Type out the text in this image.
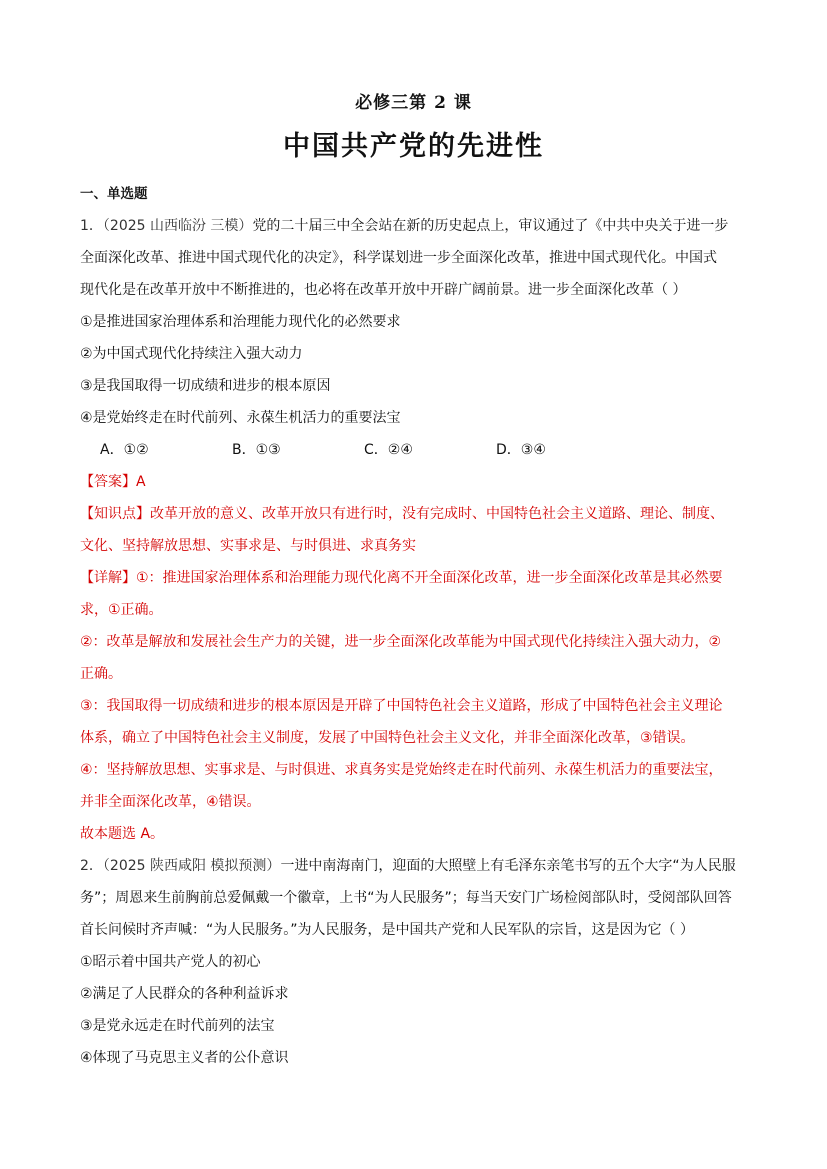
必修三第 2 课
中国共产党的先进性
一、单选题
1．（2025 山西临汾 三模）党的二十届三中全会站在新的历史起点上，审议通过了《中共中央关于进一步
全面深化改革、推进中国式现代化的决定》，科学谋划进一步全面深化改革，推进中国式现代化。中国式
现代化是在改革开放中不断推进的，也必将在改革开放中开辟广阔前景。进一步全面深化改革（ ）
①是推进国家治理体系和治理能力现代化的必然要求
②为中国式现代化持续注入强大动力
③是我国取得一切成绩和进步的根本原因
④是党始终走在时代前列、永葆生机活力的重要法宝
A．①②	B．①③	C．②④	D．③④
【答案】A
【知识点】改革开放的意义、改革开放只有进行时，没有完成时、中国特色社会主义道路、理论、制度、
文化、坚持解放思想、实事求是、与时俱进、求真务实
【详解】①：推进国家治理体系和治理能力现代化离不开全面深化改革，进一步全面深化改革是其必然要
求，①正确。
②：改革是解放和发展社会生产力的关键，进一步全面深化改革能为中国式现代化持续注入强大动力，②
正确。
③：我国取得一切成绩和进步的根本原因是开辟了中国特色社会主义道路，形成了中国特色社会主义理论
体系，确立了中国特色社会主义制度，发展了中国特色社会主义文化，并非全面深化改革，③错误。
④：坚持解放思想、实事求是、与时俱进、求真务实是党始终走在时代前列、永葆生机活力的重要法宝，
并非全面深化改革，④错误。
故本题选 A。
2．（2025 陕西咸阳 模拟预测）一进中南海南门，迎面的大照壁上有毛泽东亲笔书写的五个大字“为人民服
务”；周恩来生前胸前总爱佩戴一个徽章，上书“为人民服务”；每当天安门广场检阅部队时，受阅部队回答
首长问候时齐声喊：“为人民服务。”为人民服务，是中国共产党和人民军队的宗旨，这是因为它（ ）
①昭示着中国共产党人的初心
②满足了人民群众的各种利益诉求
③是党永远走在时代前列的法宝
④体现了马克思主义者的公仆意识
